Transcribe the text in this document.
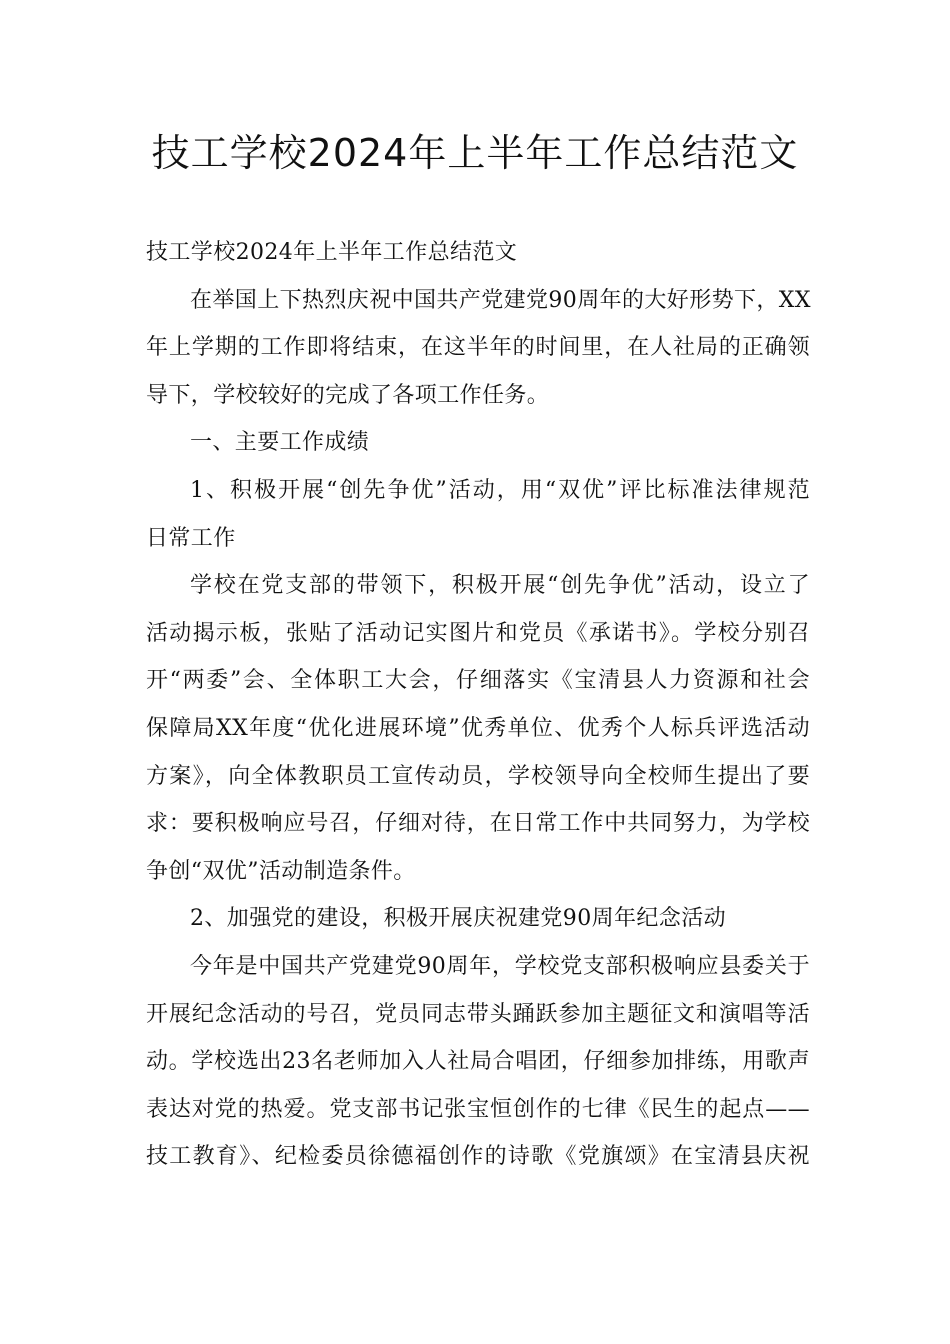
技工学校2024年上半年工作总结范文
技工学校2024年上半年工作总结范文
在举国上下热烈庆祝中国共产党建党90周年的大好形势下，XX
年上学期的工作即将结束，在这半年的时间里，在人社局的正确领
导下，学校较好的完成了各项工作任务。
一、主要工作成绩
1、积极开展“创先争优”活动，用“双优”评比标准法律规范
日常工作
学校在党支部的带领下，积极开展“创先争优”活动，设立了
活动揭示板，张贴了活动记实图片和党员《承诺书》。学校分别召
开“两委”会、全体职工大会，仔细落实《宝清县人力资源和社会
保障局XX年度“优化进展环境”优秀单位、优秀个人标兵评选活动
方案》，向全体教职员工宣传动员，学校领导向全校师生提出了要
求：要积极响应号召，仔细对待，在日常工作中共同努力，为学校
争创“双优”活动制造条件。
2、加强党的建设，积极开展庆祝建党90周年纪念活动
今年是中国共产党建党90周年，学校党支部积极响应县委关于
开展纪念活动的号召，党员同志带头踊跃参加主题征文和演唱等活
动。学校选出23名老师加入人社局合唱团，仔细参加排练，用歌声
表达对党的热爱。党支部书记张宝恒创作的七律《民生的起点——
技工教育》、纪检委员徐德福创作的诗歌《党旗颂》在宝清县庆祝
